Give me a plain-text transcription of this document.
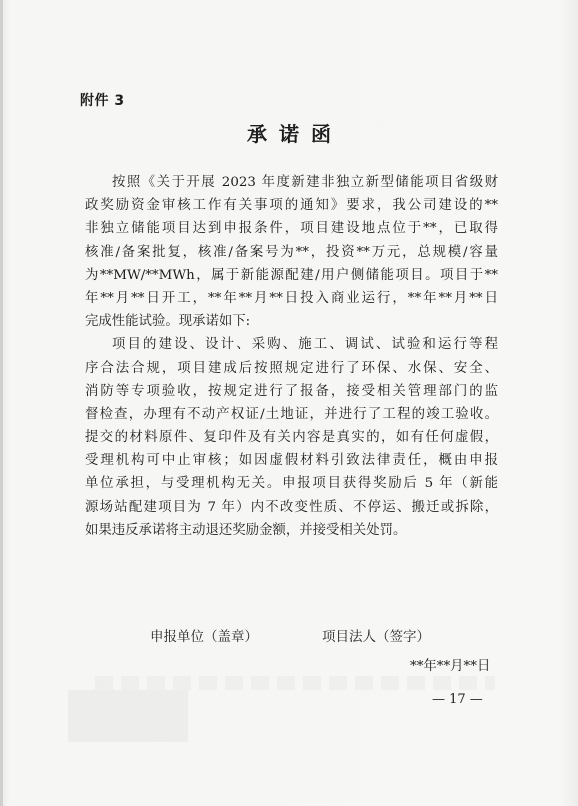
附件 3
承诺函
按照《关于开展 2023 年度新建非独立新型储能项目省级财
政奖励资金审核工作有关事项的通知》要求，我公司建设的**
非独立储能项目达到申报条件，项目建设地点位于**，已取得
核准/备案批复，核准/备案号为**，投资**万元，总规模/容量
为**MW/**MWh，属于新能源配建/用户侧储能项目。项目于**
年**月**日开工，**年**月**日投入商业运行，**年**月**日
完成性能试验。现承诺如下:
项目的建设、设计、采购、施工、调试、试验和运行等程
序合法合规，项目建成后按照规定进行了环保、水保、安全、
消防等专项验收，按规定进行了报备，接受相关管理部门的监
督检查，办理有不动产权证/土地证，并进行了工程的竣工验收。
提交的材料原件、复印件及有关内容是真实的，如有任何虚假，
受理机构可中止审核；如因虚假材料引致法律责任，概由申报
单位承担，与受理机构无关。申报项目获得奖励后 5 年（新能
源场站配建项目为 7 年）内不改变性质、不停运、搬迁或拆除，
如果违反承诺将主动退还奖励金额，并接受相关处罚。
申报单位（盖章）	项目法人（签字）
**年**月**日
— 17 —
